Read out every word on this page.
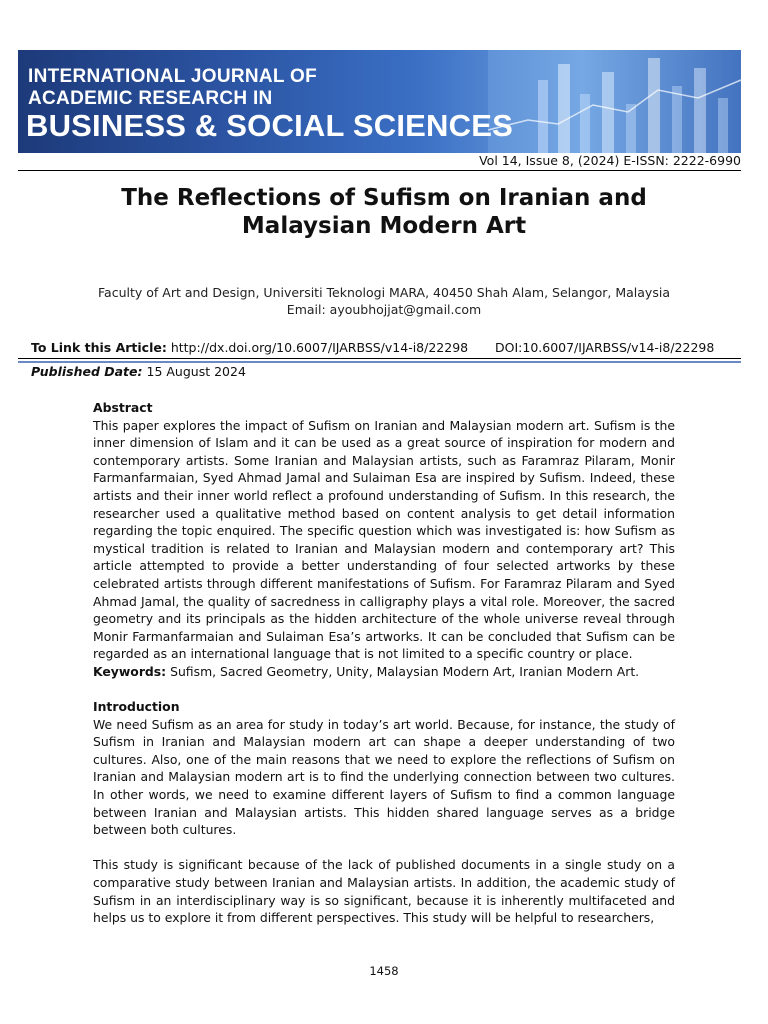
INTERNATIONAL JOURNAL OF
ACADEMIC RESEARCH IN
BUSINESS & SOCIAL SCIENCES
Vol 14, Issue 8, (2024) E-ISSN: 2222-6990
The Reflections of Sufism on Iranian and
Malaysian Modern Art
Faculty of Art and Design, Universiti Teknologi MARA, 40450 Shah Alam, Selangor, Malaysia
Email: ayoubhojjat@gmail.com
To Link this Article: http://dx.doi.org/10.6007/IJARBSS/v14-i8/22298 DOI:10.6007/IJARBSS/v14-i8/22298
Published Date: 15 August 2024
Abstract

This paper explores the impact of Sufism on Iranian and Malaysian modern art. Sufism is the inner dimension of Islam and it can be used as a great source of inspiration for modern and contemporary artists. Some Iranian and Malaysian artists, such as Faramraz Pilaram, Monir Farmanfarmaian, Syed Ahmad Jamal and Sulaiman Esa are inspired by Sufism. Indeed, these artists and their inner world reflect a profound understanding of Sufism. In this research, the researcher used a qualitative method based on content analysis to get detail information regarding the topic enquired. The specific question which was investigated is: how Sufism as mystical tradition is related to Iranian and Malaysian modern and contemporary art? This article attempted to provide a better understanding of four selected artworks by these celebrated artists through different manifestations of Sufism. For Faramraz Pilaram and Syed Ahmad Jamal, the quality of sacredness in calligraphy plays a vital role. Moreover, the sacred geometry and its principals as the hidden architecture of the whole universe reveal through Monir Farmanfarmaian and Sulaiman Esa’s artworks. It can be concluded that Sufism can be regarded as an international language that is not limited to a specific country or place.

Keywords: Sufism, Sacred Geometry, Unity, Malaysian Modern Art, Iranian Modern Art.

Introduction

We need Sufism as an area for study in today’s art world. Because, for instance, the study of Sufism in Iranian and Malaysian modern art can shape a deeper understanding of two cultures. Also, one of the main reasons that we need to explore the reflections of Sufism on Iranian and Malaysian modern art is to find the underlying connection between two cultures. In other words, we need to examine different layers of Sufism to find a common language between Iranian and Malaysian artists. This hidden shared language serves as a bridge between both cultures.

This study is significant because of the lack of published documents in a single study on a comparative study between Iranian and Malaysian artists. In addition, the academic study of Sufism in an interdisciplinary way is so significant, because it is inherently multifaceted and helps us to explore it from different perspectives. This study will be helpful to researchers,

1458
